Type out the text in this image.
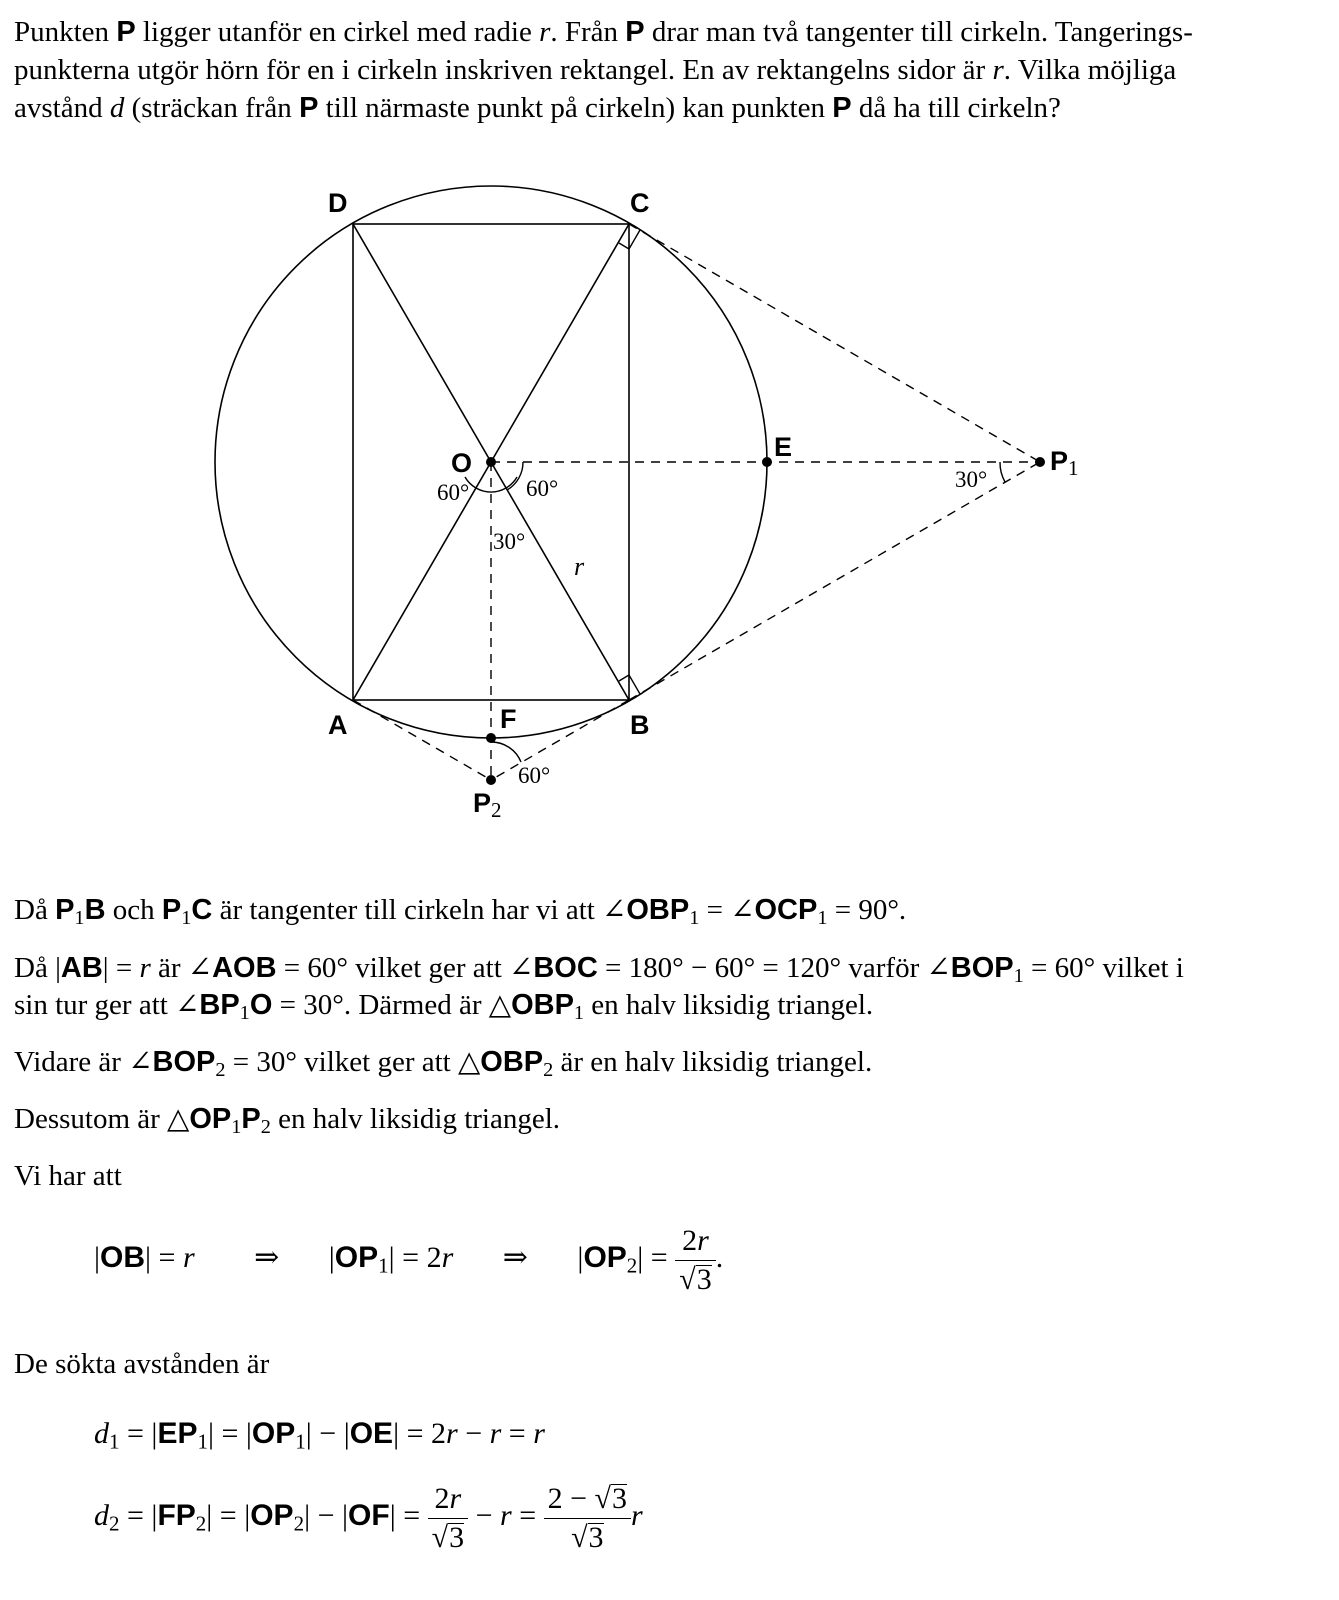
Punkten P ligger utanför en cirkel med radie r. Från P drar man två tangenter till cirkeln. Tangerings-
punkterna utgör hörn för en i cirkeln inskriven rektangel. En av rektangelns sidor är r. Vilka möjliga
avstånd d (sträckan från P till närmaste punkt på cirkeln) kan punkten P då ha till cirkeln?
D	C
A	B
E
F
O	P1
P2
r
60° 60°
30°
30°
60°
Då $P_1B$ och $P_1C$ är tangenter till cirkeln har vi att $\angle OBP_1$ = $\angle OCP_1 = 90^\circ$.
Då |AB| = r är ∠AOB = 60° vilket ger att ∠BOC = 180° − 60° = 120° varför $\angle BOP_1 = 60^\circ$ vilket i
sin tur ger att $\angle BP_1O = 30^\circ$. Därmed är $\triangle OBP_1$ en halv liksidig triangel.
Vidare är $\angle BOP_2 = 30^\circ$ vilket ger att $\triangle OBP_2$ är en halv liksidig triangel.
Dessutom är $\triangle OP_1P_2$ en halv liksidig triangel.
Vi har att
|OB| = r ⇒ $|OP_1| = 2r$ ⇒ $|OP_2| = \frac{2r}{√3}$ .
De sökta avstånden är
$d_1 = |EP_1| = |OP_1| - |OE| = 2r - r = r$
$d_2 = |FP_2| = |OP_2| - |OF| = \frac{2r}{√3} - r = \frac{2 - √3}{√3}$ r
